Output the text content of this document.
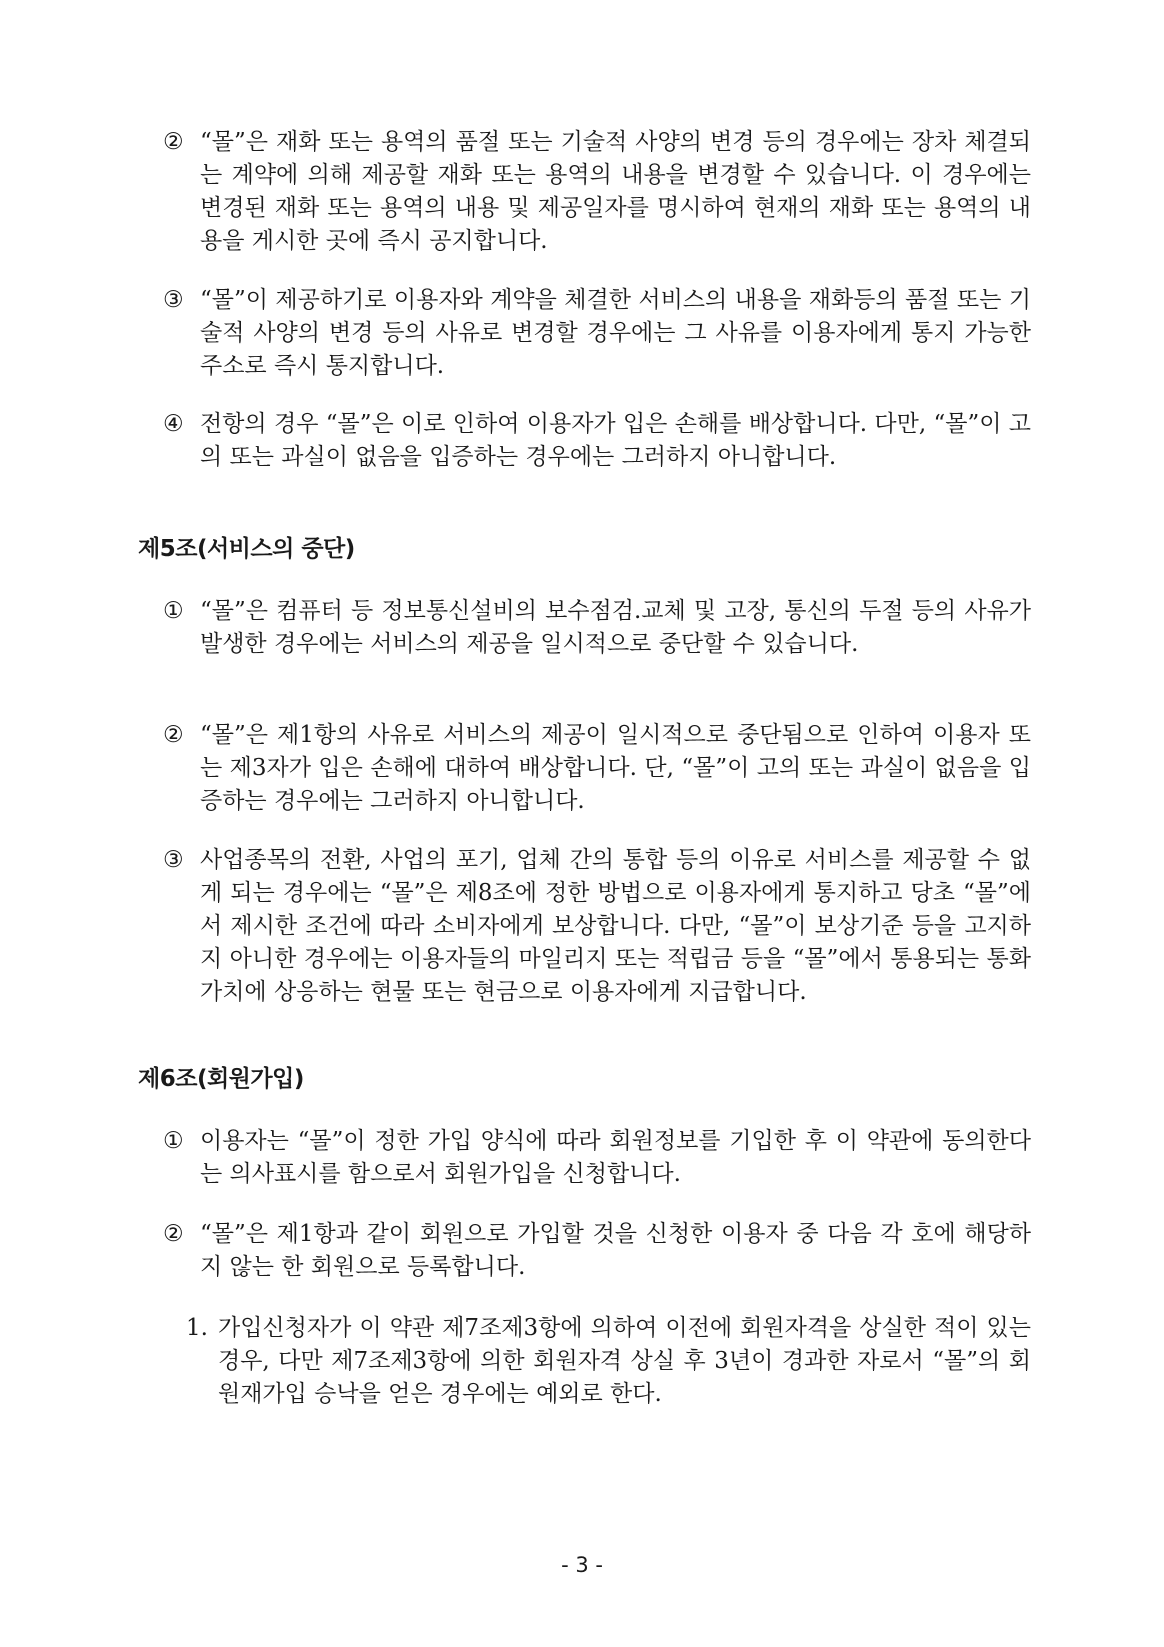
② “몰”은 재화 또는 용역의 품절 또는 기술적 사양의 변경 등의 경우에는 장차 체결되는 계약에 의해 제공할 재화 또는 용역의 내용을 변경할 수 있습니다. 이 경우에는 변경된 재화 또는 용역의 내용 및 제공일자를 명시하여 현재의 재화 또는 용역의 내용을 게시한 곳에 즉시 공지합니다.
③ “몰”이 제공하기로 이용자와 계약을 체결한 서비스의 내용을 재화등의 품절 또는 기술적 사양의 변경 등의 사유로 변경할 경우에는 그 사유를 이용자에게 통지 가능한 주소로 즉시 통지합니다.
④ 전항의 경우 “몰”은 이로 인하여 이용자가 입은 손해를 배상합니다. 다만, “몰”이 고의 또는 과실이 없음을 입증하는 경우에는 그러하지 아니합니다.
제5조(서비스의 중단)
① “몰”은 컴퓨터 등 정보통신설비의 보수점검.교체 및 고장, 통신의 두절 등의 사유가 발생한 경우에는 서비스의 제공을 일시적으로 중단할 수 있습니다.
② “몰”은 제1항의 사유로 서비스의 제공이 일시적으로 중단됨으로 인하여 이용자 또는 제3자가 입은 손해에 대하여 배상합니다. 단, “몰”이 고의 또는 과실이 없음을 입증하는 경우에는 그러하지 아니합니다.
③ 사업종목의 전환, 사업의 포기, 업체 간의 통합 등의 이유로 서비스를 제공할 수 없게 되는 경우에는 “몰”은 제8조에 정한 방법으로 이용자에게 통지하고 당초 “몰”에서 제시한 조건에 따라 소비자에게 보상합니다. 다만, “몰”이 보상기준 등을 고지하지 아니한 경우에는 이용자들의 마일리지 또는 적립금 등을 “몰”에서 통용되는 통화가치에 상응하는 현물 또는 현금으로 이용자에게 지급합니다.
제6조(회원가입)
① 이용자는 “몰”이 정한 가입 양식에 따라 회원정보를 기입한 후 이 약관에 동의한다는 의사표시를 함으로서 회원가입을 신청합니다.
② “몰”은 제1항과 같이 회원으로 가입할 것을 신청한 이용자 중 다음 각 호에 해당하지 않는 한 회원으로 등록합니다.
1. 가입신청자가 이 약관 제7조제3항에 의하여 이전에 회원자격을 상실한 적이 있는 경우, 다만 제7조제3항에 의한 회원자격 상실 후 3년이 경과한 자로서 “몰”의 회원재가입 승낙을 얻은 경우에는 예외로 한다.
- 3 -
